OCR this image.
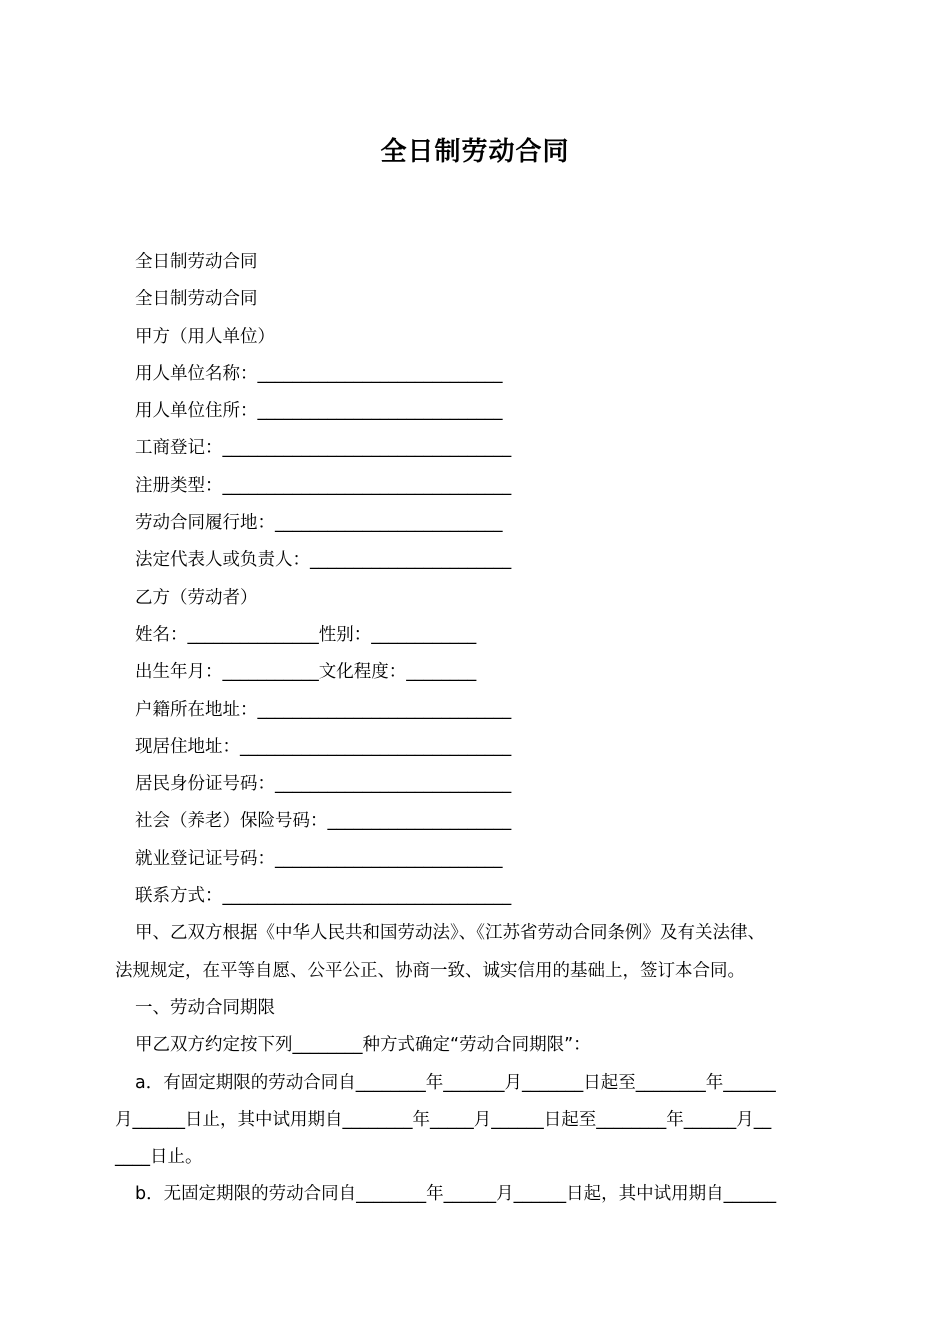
全日制劳动合同

全日制劳动合同

全日制劳动合同

甲方（用人单位）

用人单位名称：____________________________

用人单位住所：____________________________

工商登记：_________________________________

注册类型：_________________________________

劳动合同履行地：__________________________

法定代表人或负责人：_______________________

乙方（劳动者）

姓名：_______________性别：____________

出生年月：___________文化程度：________

户籍所在地址：_____________________________

现居住地址：_______________________________

居民身份证号码：___________________________

社会（养老）保险号码：_____________________

就业登记证号码：__________________________

联系方式：_________________________________

甲、乙双方根据《中华人民共和国劳动法》、《江苏省劳动合同条例》及有关法律、

法规规定，在平等自愿、公平公正、协商一致、诚实信用的基础上，签订本合同。

一、劳动合同期限

甲乙双方约定按下列________种方式确定“劳动合同期限”：

a．有固定期限的劳动合同自________年_______月_______日起至________年______

月______日止，其中试用期自________年_____月______日起至________年______月__

____日止。

b．无固定期限的劳动合同自________年______月______日起，其中试用期自______
